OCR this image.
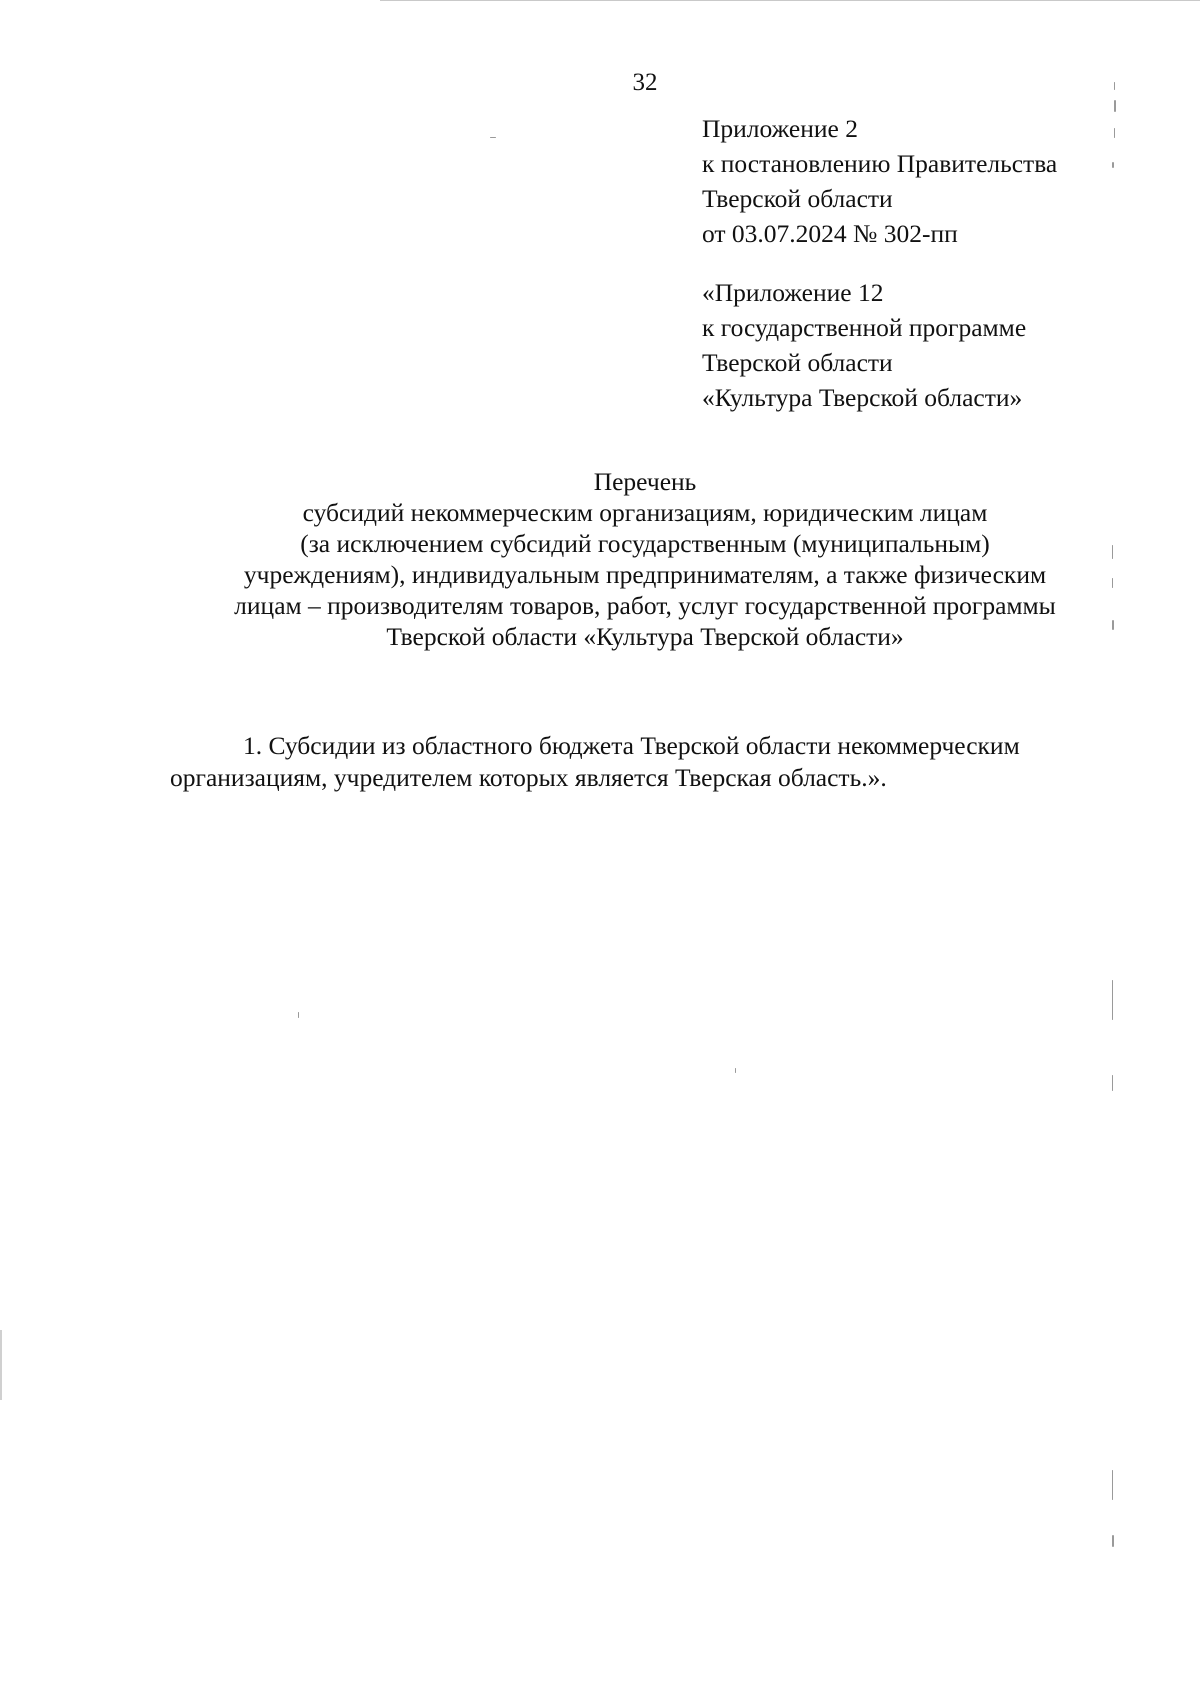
32
Приложение 2
к постановлению Правительства
Тверской области
от 03.07.2024 № 302-пп
«Приложение 12
к государственной программе
Тверской области
«Культура Тверской области»
Перечень
субсидий некоммерческим организациям, юридическим лицам
(за исключением субсидий государственным (муниципальным)
учреждениям), индивидуальным предпринимателям, а также физическим
лицам – производителям товаров, работ, услуг государственной программы
Тверской области «Культура Тверской области»
1. Субсидии из областного бюджета Тверской области некоммерческим
организациям, учредителем которых является Тверская область.».
